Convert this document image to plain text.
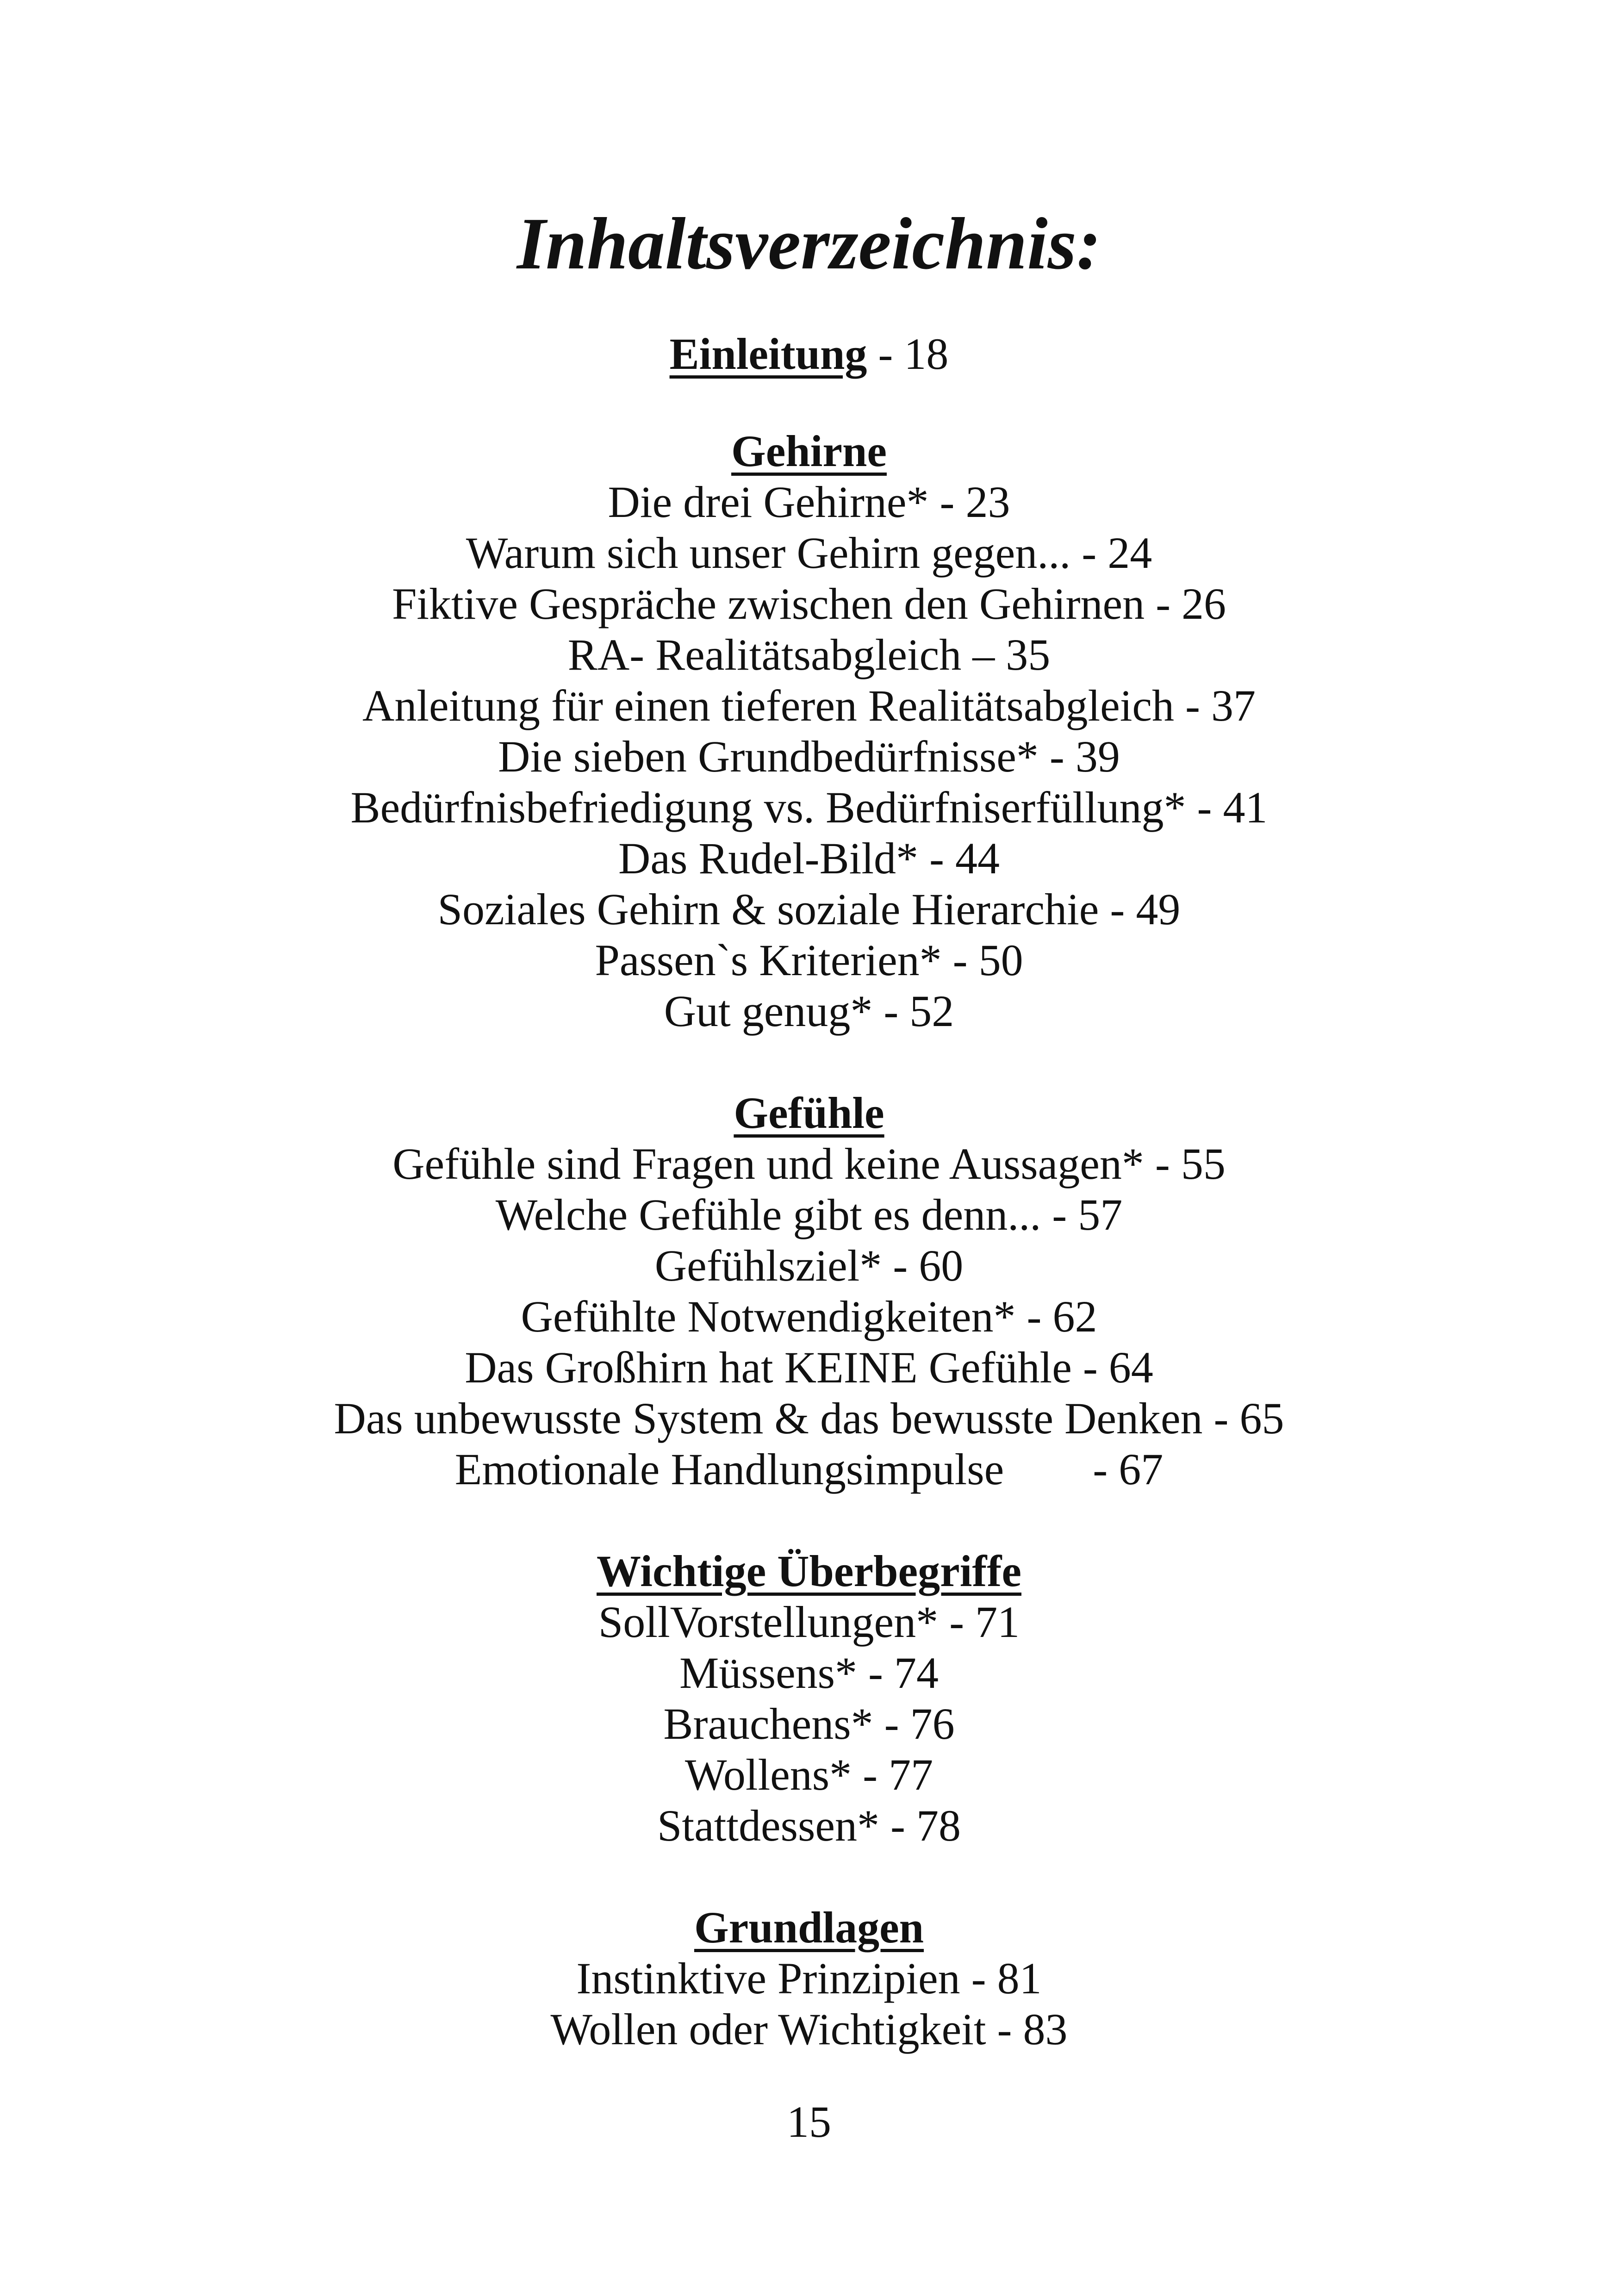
Inhaltsverzeichnis:
Einleitung - 18
Gehirne
Die drei Gehirne* - 23
Warum sich unser Gehirn gegen... - 24
Fiktive Gespräche zwischen den Gehirnen - 26
RA- Realitätsabgleich – 35
Anleitung für einen tieferen Realitätsabgleich - 37
Die sieben Grundbedürfnisse* - 39
Bedürfnisbefriedigung vs. Bedürfniserfüllung* - 41
Das Rudel-Bild* - 44
Soziales Gehirn & soziale Hierarchie - 49
Passen`s Kriterien* - 50
Gut genug* - 52
Gefühle
Gefühle sind Fragen und keine Aussagen* - 55
Welche Gefühle gibt es denn... - 57
Gefühlsziel* - 60
Gefühlte Notwendigkeiten* - 62
Das Großhirn hat KEINE Gefühle - 64
Das unbewusste System & das bewusste Denken - 65
Emotionale Handlungsimpulse        - 67
Wichtige Überbegriffe
SollVorstellungen* - 71
Müssens* - 74
Brauchens* - 76
Wollens* - 77
Stattdessen* - 78
Grundlagen
Instinktive Prinzipien - 81
Wollen oder Wichtigkeit - 83
15
